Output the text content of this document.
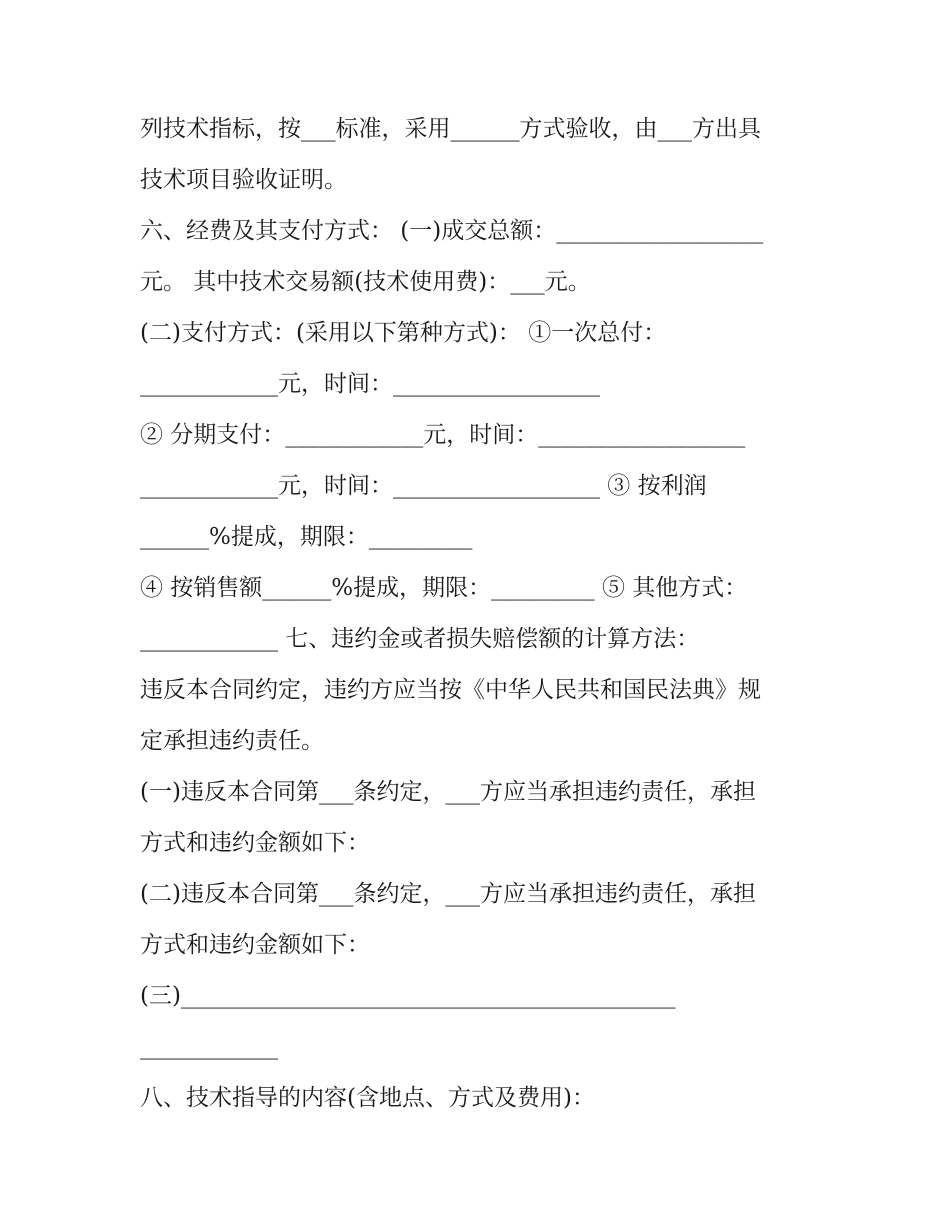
列技术指标，按___标准，采用______方式验收，由___方出具
技术项目验收证明。
六、经费及其支付方式： (一)成交总额：__________________
元。 其中技术交易额(技术使用费)：___元。
(二)支付方式：(采用以下第种方式)： ①一次总付：
____________元，时间：__________________
② 分期支付：____________元，时间：__________________
____________元，时间：__________________ ③ 按利润
______%提成，期限：_________
④ 按销售额______%提成，期限：_________ ⑤ 其他方式：
____________ 七、违约金或者损失赔偿额的计算方法：
违反本合同约定，违约方应当按《中华人民共和国民法典》规
定承担违约责任。
(一)违反本合同第___条约定，___方应当承担违约责任，承担
方式和违约金额如下：
(二)违反本合同第___条约定，___方应当承担违约责任，承担
方式和违约金额如下：
(三)___________________________________________
____________
八、技术指导的内容(含地点、方式及费用)：
